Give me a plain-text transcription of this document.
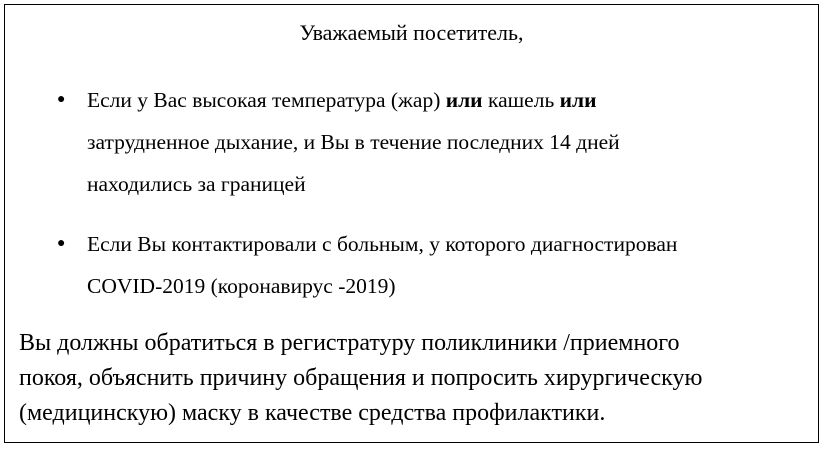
Уважаемый посетитель,
● Если у Вас высокая температура (жар) или кашель или
затрудненное дыхание, и Вы в течение последних 14 дней
находились за границей
● Если Вы контактировали с больным, у которого диагностирован
COVID-2019 (коронавирус -2019)
Вы должны обратиться в регистратуру поликлиники /приемного
покоя, объяснить причину обращения и попросить хирургическую
(медицинскую) маску в качестве средства профилактики.
